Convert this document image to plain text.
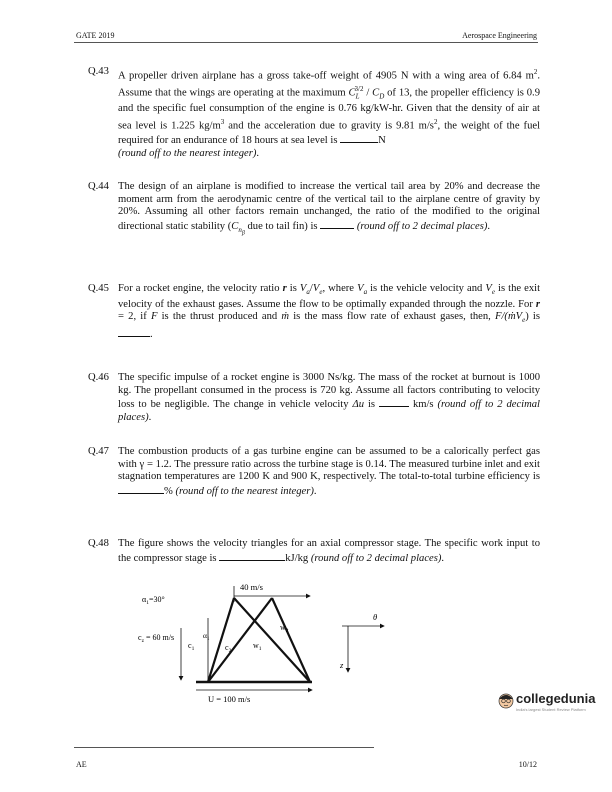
GATE 2019	Aerospace Engineering
Q.43 A propeller driven airplane has a gross take-off weight of 4905 N with a wing area of 6.84 $m^2$. Assume that the wings are operating at the maximum $C_L^{3/2} / C_D$ of 13, the propeller efficiency is 0.9 and the specific fuel consumption of the engine is 0.76 kg/kW-hr. Given that the density of air at sea level is 1.225 $kg/m^3$ and the acceleration due to gravity is 9.81 $m/s^2$, the weight of the fuel required for an endurance of 18 hours at sea level is	N
(round off to the nearest integer).
Q.44 The design of an airplane is modified to increase the vertical tail area by 20% and decrease the moment arm from the aerodynamic centre of the vertical tail to the airplane centre of gravity by 20%. Assuming all other factors remain unchanged, the ratio of the modified to the original directional static stability ($C_{n_\beta}$ due to tail fin) is	(round off to 2 decimal places).
Q.45 For a rocket engine, the velocity ratio r is $V_a/V_e$, where $V_a$ is the vehicle velocity and $V_e$ is the exit velocity of the exhaust gases. Assume the flow to be optimally expanded through the nozzle. For r = 2, if F is the thrust produced and ṁ is the mass flow rate of exhaust gases, then, F/(ṁV$_e$) is .
Q.46 The specific impulse of a rocket engine is 3000 Ns/kg. The mass of the rocket at burnout is 1000 kg. The propellant consumed in the process is 720 kg. Assume all factors contributing to velocity loss to be negligible. The change in vehicle velocity Δu is	km/s (round off to 2 decimal places).
Q.47 The combustion products of a gas turbine engine can be assumed to be a calorically perfect gas with γ = 1.2. The pressure ratio across the turbine stage is 0.14. The measured turbine inlet and exit stagnation temperatures are 1200 K and 900 K, respectively. The total-to-total turbine efficiency is % (round off to the nearest integer).
Q.48 The figure shows the velocity triangles for an axial compressor stage. The specific work input to the compressor stage is	kJ/kg (round off to 2 decimal places).
40 m/s
$\alpha_1=30^\circ$
$c_z = 60$ m/s
$c_1$
$\alpha_1$
$c_2$
$w_1$
$w_2$
U = 100 m/s
θ
z
collegedunia
India's largest Student Review Platform
AE	10/12
